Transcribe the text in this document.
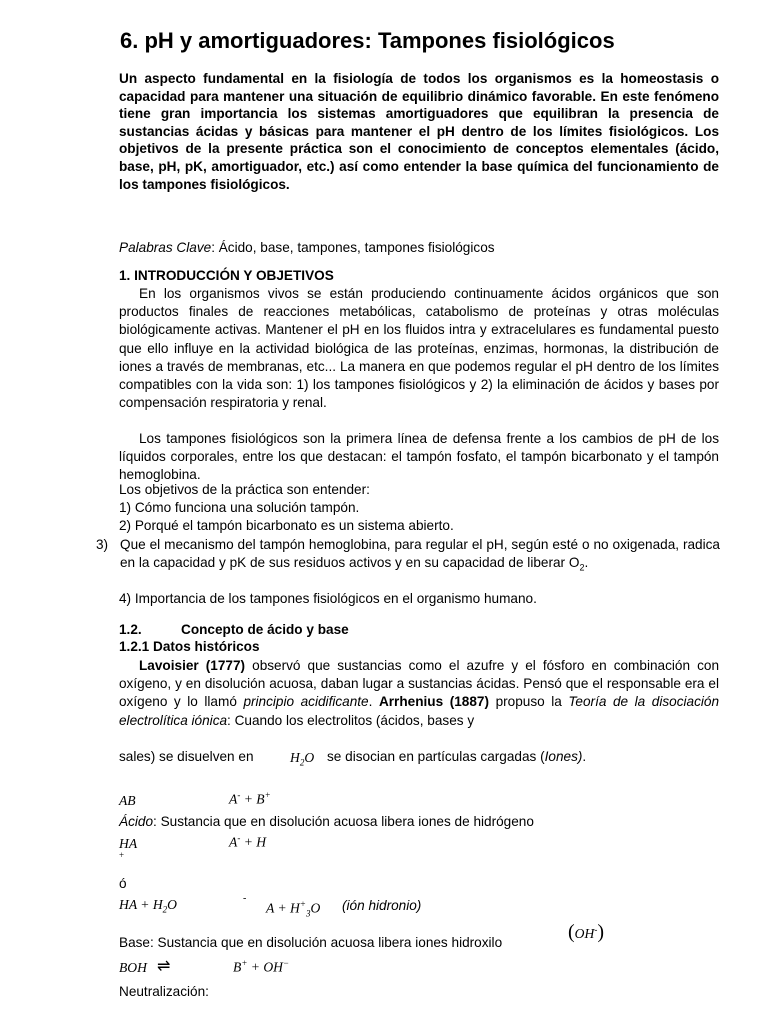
6. pH y amortiguadores: Tampones fisiológicos

Un aspecto fundamental en la fisiología de todos los organismos es la homeostasis o capacidad para mantener una situación de equilibrio dinámico favorable. En este fenómeno tiene gran importancia los sistemas amortiguadores que equilibran la presencia de sustancias ácidas y básicas para mantener el pH dentro de los límites fisiológicos. Los objetivos de la presente práctica son el conocimiento de conceptos elementales (ácido, base, pH, pK, amortiguador, etc.) así como entender la base química del funcionamiento de los tampones fisiológicos.

Palabras Clave: Ácido, base, tampones, tampones fisiológicos

1. INTRODUCCIÓN Y OBJETIVOS

En los organismos vivos se están produciendo continuamente ácidos orgánicos que son productos finales de reacciones metabólicas, catabolismo de proteínas y otras moléculas biológicamente activas. Mantener el pH en los fluidos intra y extracelulares es fundamental puesto que ello influye en la actividad biológica de las proteínas, enzimas, hormonas, la distribución de iones a través de membranas, etc... La manera en que podemos regular el pH dentro de los límites compatibles con la vida son: 1) los tampones fisiológicos y 2) la eliminación de ácidos y bases por compensación respiratoria y renal.

Los tampones fisiológicos son la primera línea de defensa frente a los cambios de pH de los líquidos corporales, entre los que destacan: el tampón fosfato, el tampón bicarbonato y el tampón hemoglobina.

Los objetivos de la práctica son entender:

1) Cómo funciona una solución tampón.

2) Porqué el tampón bicarbonato es un sistema abierto.

3) Que el mecanismo del tampón hemoglobina, para regular el pH, según esté o no oxigenada, radica en la capacidad y pK de sus residuos activos y en su capacidad de liberar $O_2$.

4) Importancia de los tampones fisiológicos en el organismo humano.

1.2.	Concepto de ácido y base

1.2.1 Datos históricos

Lavoisier (1777) observó que sustancias como el azufre y el fósforo en combinación con oxígeno, y en disolución acuosa, daban lugar a sustancias ácidas. Pensó que el responsable era el oxígeno y lo llamó principio acidificante. Arrhenius (1887) propuso la Teoría de la disociación electrolítica iónica: Cuando los electrolitos (ácidos, bases y

sales) se disuelven en	$H_2O$ se disocian en partículas cargadas (Iones).

AB	A- + B+

Ácido: Sustancia que en disolución acuosa libera iones de hidrógeno

HA	A- + H
+

ó

HA + $H_2O$	-
$A + H^+_3O$ (ión hidronio)

Base: Sustancia que en disolución acuosa libera iones hidroxilo	(OH-)
BOH ⇌	B+ + OH−

Neutralización:
